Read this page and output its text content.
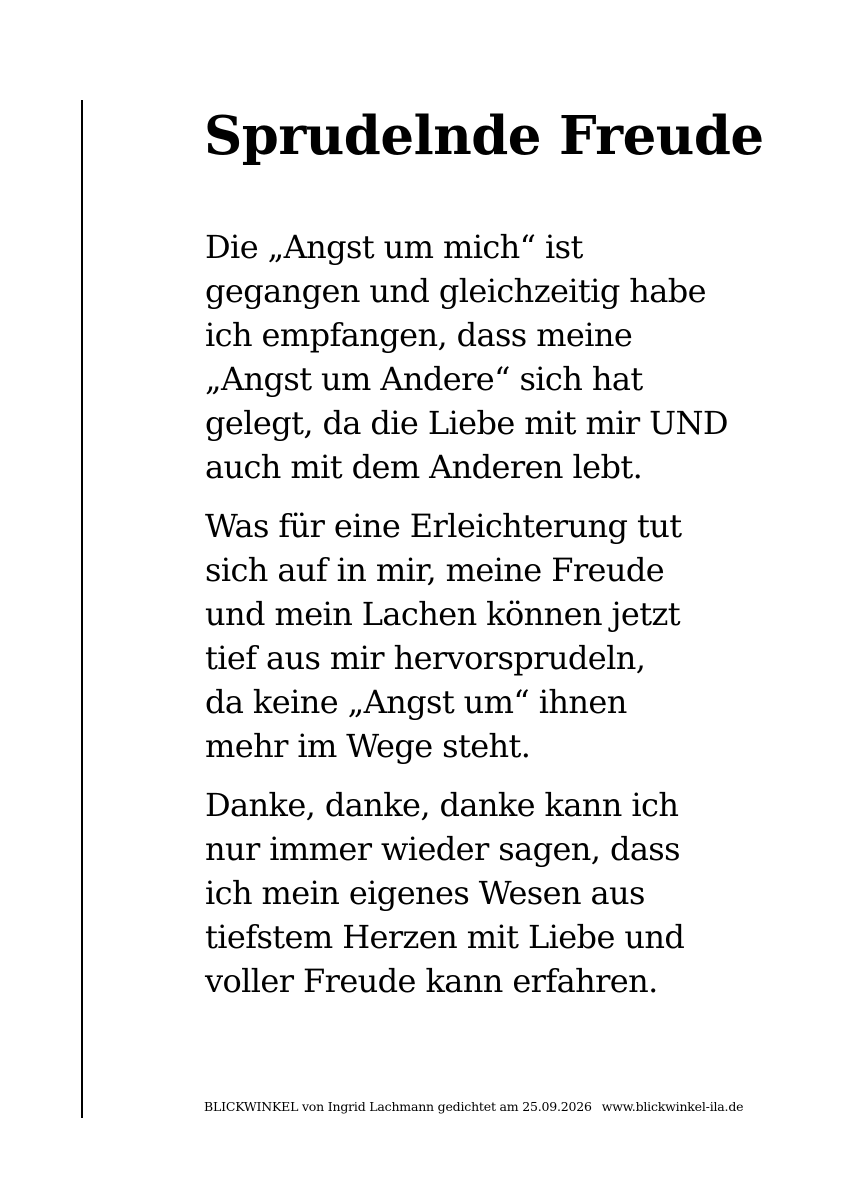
Sprudelnde Freude

Die „Angst um mich“ ist
gegangen und gleichzeitig habe
ich empfangen, dass meine
„Angst um Andere“ sich hat
gelegt, da die Liebe mit mir UND
auch mit dem Anderen lebt.

Was für eine Erleichterung tut
sich auf in mir, meine Freude
und mein Lachen können jetzt
tief aus mir hervorsprudeln,
da keine „Angst um“ ihnen
mehr im Wege steht.

Danke, danke, danke kann ich
nur immer wieder sagen, dass
ich mein eigenes Wesen aus
tiefstem Herzen mit Liebe und
voller Freude kann erfahren.

BLICKWINKEL von Ingrid Lachmann gedichtet am 25.09.2026 www.blickwinkel-ila.de
